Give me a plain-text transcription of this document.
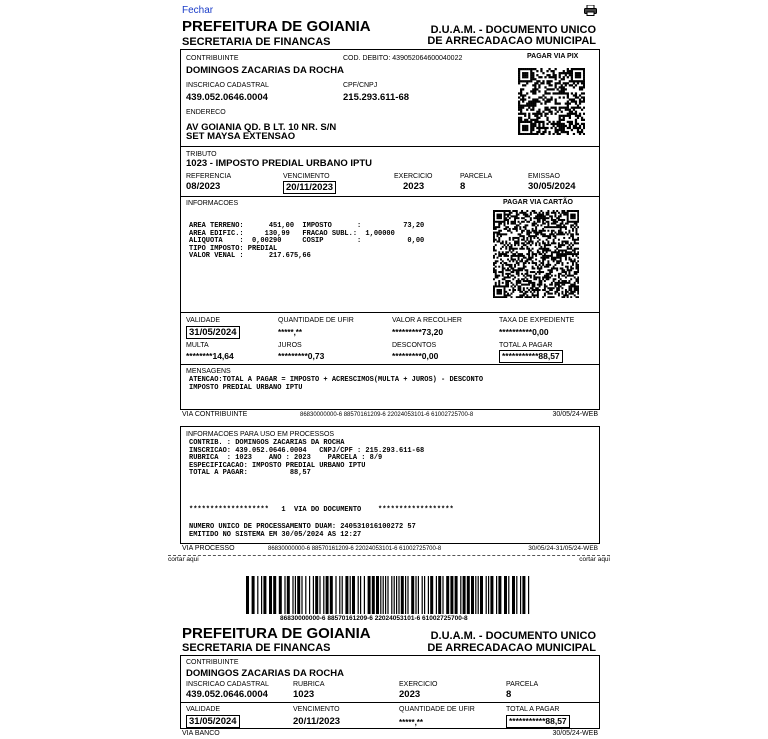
Fechar
PREFEITURA DE GOIANIA
SECRETARIA DE FINANCAS
D.U.A.M. - DOCUMENTO UNICO
DE ARRECADACAO MUNICIPAL
CONTRIBUINTE
DOMINGOS ZACARIAS DA ROCHA
COD. DEBITO: 439052064600040022	PAGAR VIA PIX
INSCRICAO CADASTRAL
439.052.0646.0004
CPF/CNPJ
215.293.611-68
ENDERECO
AV GOIANIA QD. B LT. 10 NR. S/N
SET MAYSA EXTENSAO
TRIBUTO
1023 - IMPOSTO PREDIAL URBANO IPTU
REFERENCIA
08/2023
VENCIMENTO
20/11/2023
EXERCICIO
2023
PARCELA
8
EMISSAO
30/05/2024
INFORMACOES	PAGAR VIA CARTÃO
AREA TERRENO:      451,00  IMPOSTO      :          73,20
AREA EDIFIC.:     130,99   FRACAO SUBL.:  1,00000
ALIQUOTA    :  0,00290     COSIP        :           0,00
TIPO IMPOSTO: PREDIAL
VALOR VENAL :      217.675,66
VALIDADE
31/05/2024
QUANTIDADE DE UFIR
*****,**
VALOR A RECOLHER
*********73,20
TAXA DE EXPEDIENTE
**********0,00
MULTA
********14,64
JUROS
*********0,73
DESCONTOS
*********0,00
TOTAL A PAGAR
***********88,57
MENSAGENS
ATENCAO:TOTAL A PAGAR = IMPOSTO + ACRESCIMOS(MULTA + JUROS) - DESCONTO
IMPOSTO PREDIAL URBANO IPTU
VIA CONTRIBUINTE	86830000000-6 88570161209-6 22024053101-6 61002725700-8	30/05/24-WEB
INFORMACOES PARA USO EM PROCESSOS
CONTRIB. : DOMINGOS ZACARIAS DA ROCHA
INSCRICAO: 439.052.0646.0004   CNPJ/CPF : 215.293.611-68
RUBRICA  : 1023    ANO : 2023    PARCELA : 8/9
ESPECIFICACAO: IMPOSTO PREDIAL URBANO IPTU
TOTAL A PAGAR:          88,57
*******************   1  VIA DO DOCUMENTO    ******************
NUMERO UNICO DE PROCESSAMENTO DUAM: 240531016100272 57
EMITIDO NO SISTEMA EM 30/05/2024 AS 12:27
VIA PROCESSO	86830000000-6 88570161209-6 22024053101-6 61002725700-8	30/05/24-31/05/24-WEB
cortar aqui	cortar aqui
86830000000-6 88570161209-6 22024053101-6 61002725700-8
PREFEITURA DE GOIANIA
SECRETARIA DE FINANCAS
D.U.A.M. - DOCUMENTO UNICO
DE ARRECADACAO MUNICIPAL
CONTRIBUINTE
DOMINGOS ZACARIAS DA ROCHA
INSCRICAO CADASTRAL
439.052.0646.0004
RUBRICA
1023
EXERCICIO
2023
PARCELA
8
VALIDADE
31/05/2024
VENCIMENTO
20/11/2023
QUANTIDADE DE UFIR
*****,**
TOTAL A PAGAR
***********88,57
VIA BANCO	30/05/24-WEB
